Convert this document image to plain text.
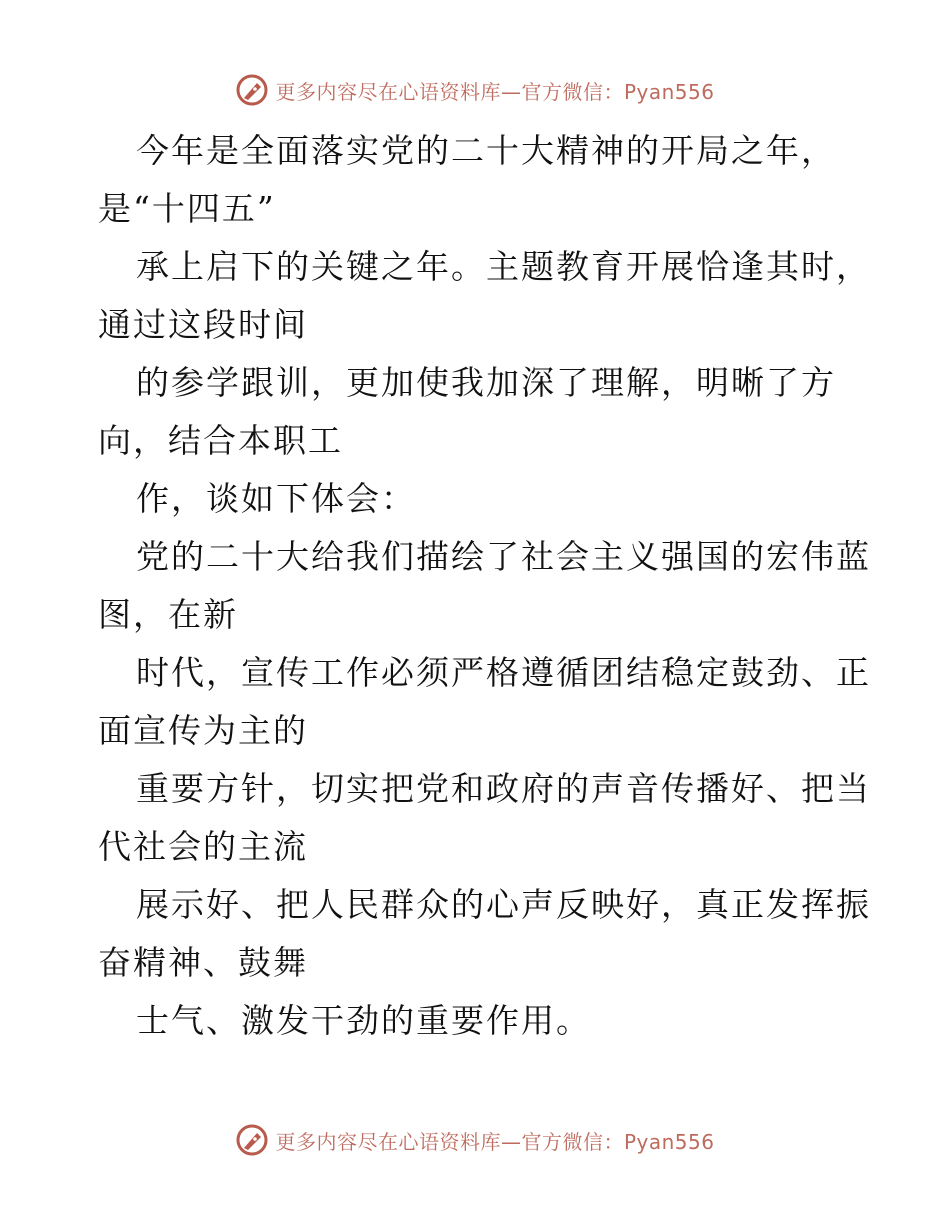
更多内容尽在心语资料库—官方微信：Pyan556
今年是全面落实党的二十大精神的开局之年，
是“十四五”
承上启下的关键之年。主题教育开展恰逢其时，
通过这段时间
的参学跟训，更加使我加深了理解，明晰了方
向，结合本职工
作，谈如下体会：
党的二十大给我们描绘了社会主义强国的宏伟蓝
图，在新
时代，宣传工作必须严格遵循团结稳定鼓劲、正
面宣传为主的
重要方针，切实把党和政府的声音传播好、把当
代社会的主流
展示好、把人民群众的心声反映好，真正发挥振
奋精神、鼓舞
士气、激发干劲的重要作用。
更多内容尽在心语资料库—官方微信：Pyan556
